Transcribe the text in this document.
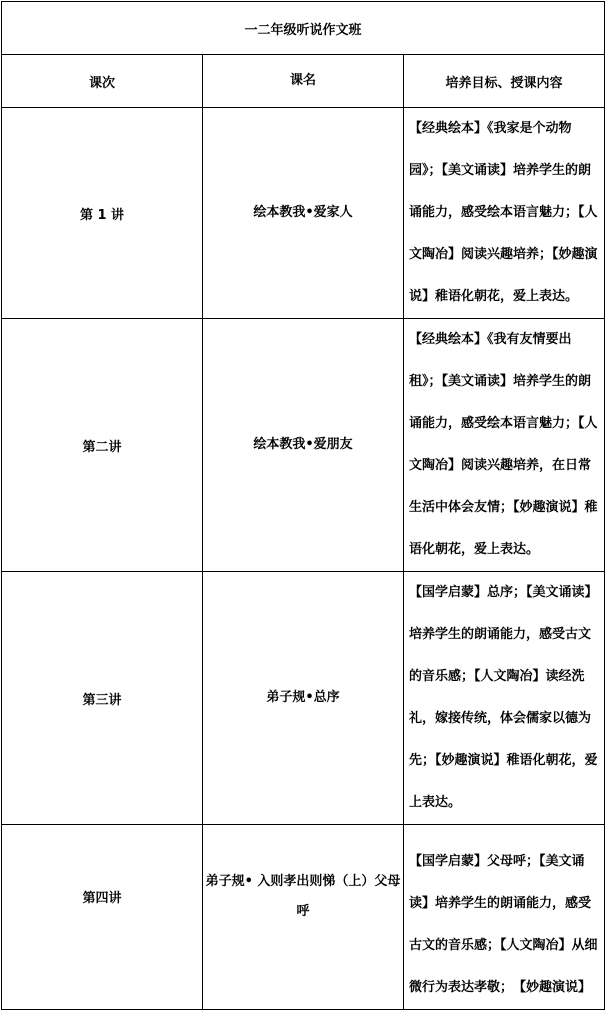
一二年级听说作文班		
课次	课名	培养目标、授课内容
第 1 讲	绘本教我•爱家人	【经典绘本】《我家是个动物园》；【美文诵读】培养学生的朗诵能力，感受绘本语言魅力；【人文陶冶】阅读兴趣培养；【妙趣演说】稚语化朝花，爱上表达。
第二讲	绘本教我•爱朋友	【经典绘本】《我有友情要出租》；【美文诵读】培养学生的朗诵能力，感受绘本语言魅力；【人文陶冶】阅读兴趣培养，在日常生活中体会友情；【妙趣演说】稚语化朝花，爱上表达。
第三讲	弟子规•总序	【国学启蒙】总序；【美文诵读】培养学生的朗诵能力，感受古文的音乐感；【人文陶冶】读经洗礼，嫁接传统，体会儒家以德为先；【妙趣演说】稚语化朝花，爱上表达。

第四讲	弟子规• 入则孝出则悌（上）父母呼	【国学启蒙】父母呼；【美文诵读】培养学生的朗诵能力，感受古文的音乐感；【人文陶冶】从细微行为表达孝敬；　【妙趣演说】
